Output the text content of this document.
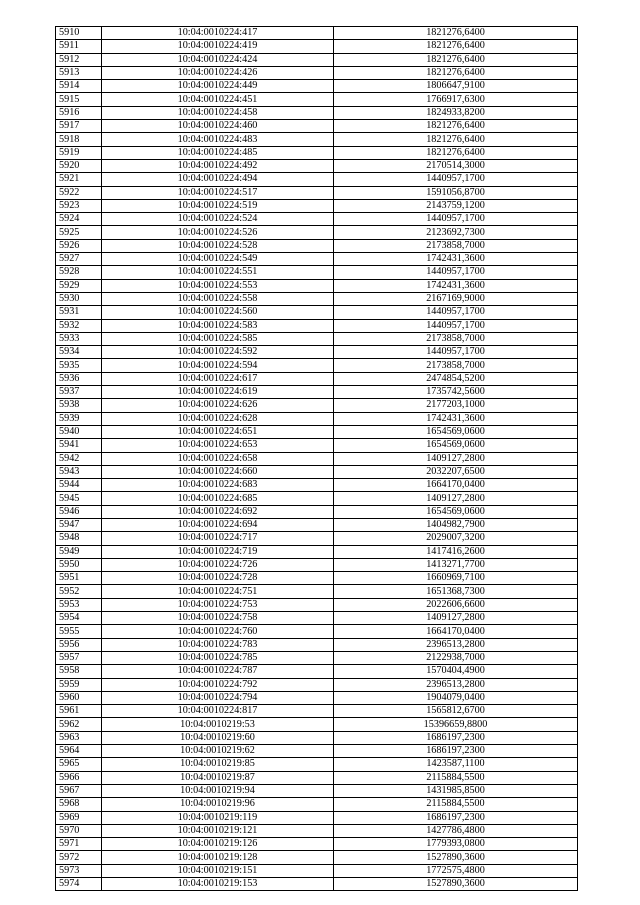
5910	10:04:0010224:417	1821276,6400
5911	10:04:0010224:419	1821276,6400
5912	10:04:0010224:424	1821276,6400
5913	10:04:0010224:426	1821276,6400
5914	10:04:0010224:449	1806647,9100
5915	10:04:0010224:451	1766917,6300
5916	10:04:0010224:458	1824933,8200
5917	10:04:0010224:460	1821276,6400
5918	10:04:0010224:483	1821276,6400
5919	10:04:0010224:485	1821276,6400
5920	10:04:0010224:492	2170514,3000
5921	10:04:0010224:494	1440957,1700
5922	10:04:0010224:517	1591056,8700
5923	10:04:0010224:519	2143759,1200
5924	10:04:0010224:524	1440957,1700
5925	10:04:0010224:526	2123692,7300
5926	10:04:0010224:528	2173858,7000
5927	10:04:0010224:549	1742431,3600
5928	10:04:0010224:551	1440957,1700
5929	10:04:0010224:553	1742431,3600
5930	10:04:0010224:558	2167169,9000
5931	10:04:0010224:560	1440957,1700
5932	10:04:0010224:583	1440957,1700
5933	10:04:0010224:585	2173858,7000
5934	10:04:0010224:592	1440957,1700
5935	10:04:0010224:594	2173858,7000
5936	10:04:0010224:617	2474854,5200
5937	10:04:0010224:619	1735742,5600
5938	10:04:0010224:626	2177203,1000
5939	10:04:0010224:628	1742431,3600
5940	10:04:0010224:651	1654569,0600
5941	10:04:0010224:653	1654569,0600
5942	10:04:0010224:658	1409127,2800
5943	10:04:0010224:660	2032207,6500
5944	10:04:0010224:683	1664170,0400
5945	10:04:0010224:685	1409127,2800
5946	10:04:0010224:692	1654569,0600
5947	10:04:0010224:694	1404982,7900
5948	10:04:0010224:717	2029007,3200
5949	10:04:0010224:719	1417416,2600
5950	10:04:0010224:726	1413271,7700
5951	10:04:0010224:728	1660969,7100
5952	10:04:0010224:751	1651368,7300
5953	10:04:0010224:753	2022606,6600
5954	10:04:0010224:758	1409127,2800
5955	10:04:0010224:760	1664170,0400
5956	10:04:0010224:783	2396513,2800
5957	10:04:0010224:785	2122938,7000
5958	10:04:0010224:787	1570404,4900
5959	10:04:0010224:792	2396513,2800
5960	10:04:0010224:794	1904079,0400
5961	10:04:0010224:817	1565812,6700
5962	10:04:0010219:53	15396659,8800
5963	10:04:0010219:60	1686197,2300
5964	10:04:0010219:62	1686197,2300
5965	10:04:0010219:85	1423587,1100
5966	10:04:0010219:87	2115884,5500
5967	10:04:0010219:94	1431985,8500
5968	10:04:0010219:96	2115884,5500
5969	10:04:0010219:119	1686197,2300
5970	10:04:0010219:121	1427786,4800
5971	10:04:0010219:126	1779393,0800
5972	10:04:0010219:128	1527890,3600
5973	10:04:0010219:151	1772575,4800
5974	10:04:0010219:153	1527890,3600
